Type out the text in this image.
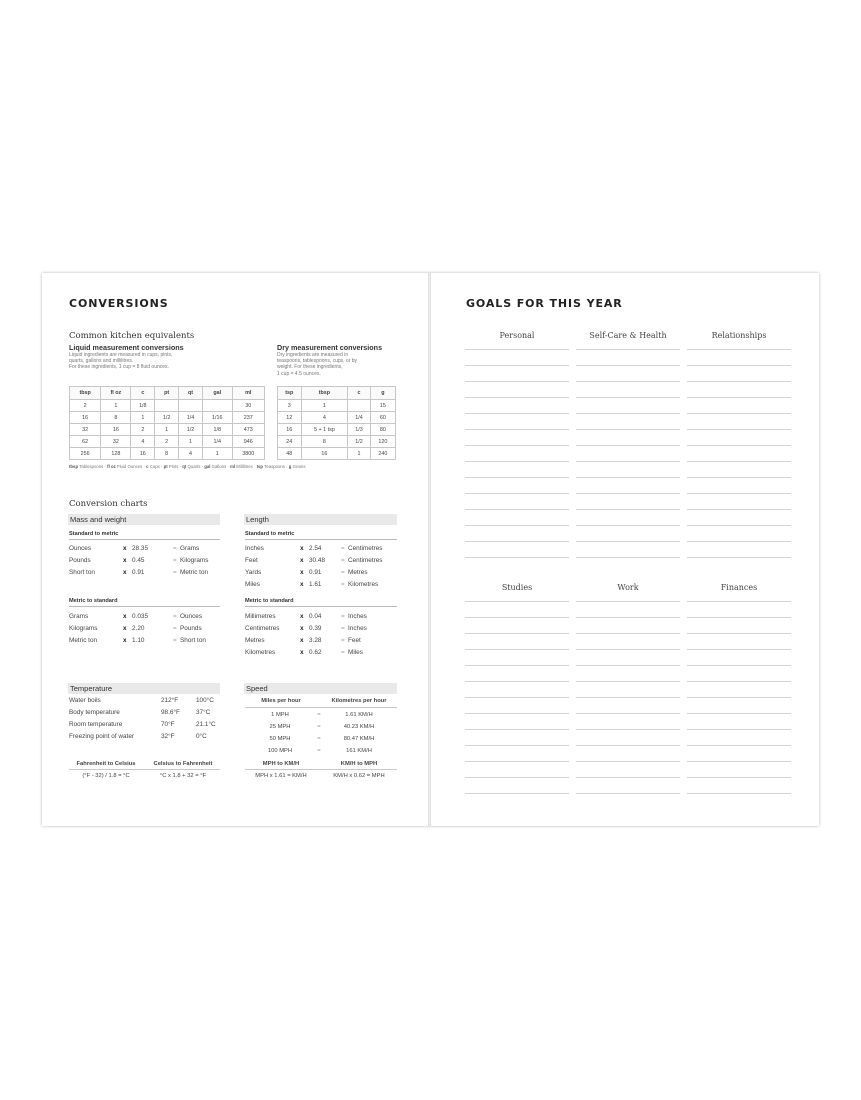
CONVERSIONS
Common kitchen equivalents
Liquid measurement conversions
Liquid ingredients are measured in cups, pints,
quarts, gallons and millilitres.
For these ingredients, 1 cup = 8 fluid ounces.
tbsp	fl oz	c	pt	qt	gal	ml
2	1	1/8				30
16	8	1	1/2	1/4	1/16	237
32	16	2	1	1/2	1/8	473
62	32	4	2	1	1/4	946
256	128	16	8	4	1	3800
Dry measurement conversions
Dry ingredients are measured in
teaspoons, tablespoons, cups, or by
weight. For these ingredients,
1 cup = 4.5 ounces.
tsp	tbsp	c	g
3	1		15
12	4	1/4	60
16	5 + 1 tsp	1/3	80
24	8	1/2	120
48	16	1	240
tbsp Tablespoons · fl oz Fluid Ounces · c Cups · pt Pints · qt Quarts · gal Gallons · ml Millilitres · tsp Teaspoons · g Grams
Conversion charts
Mass and weight
Standard to metric
Ounces	x 28.35	= Grams
Pounds	x 0.45	= Kilograms
Short ton	x 0.91	= Metric ton
Metric to standard
Grams	x 0.035	= Ounces
Kilograms	x 2.20	= Pounds
Metric ton	x 1.10	= Short ton
Length
Standard to metric
Inches	x 2.54	= Centimetres
Feet	x 30.48	= Centimetres
Yards	x 0.91	= Metres
Miles	x 1.61	= Kilometres
Metric to standard
Millimetres	x 0.04	= Inches
Centimetres	x 0.39	= Inches
Metres	x 3.28	= Feet
Kilometres	x 0.62	= Miles
Temperature
Water boils	212°F	100°C
Body temperature	98.6°F	37°C
Room temperature	70°F	21.1°C
Freezing point of water	32°F	0°C
Fahrenheit to Celsius	Celsius to Fahrenheit
(°F - 32) / 1.8 = °C	°C x 1.8 + 32 = °F
Speed
Miles per hour	Kilometres per hour
1 MPH	=	1.61 KM/H
25 MPH	=	40.23 KM/H
50 MPH	=	80.47 KM/H
100 MPH	=	161 KM/H
MPH to KM/H	KM/H to MPH
MPH x 1.61 = KM/H	KM/H x 0.62 = MPH
GOALS FOR THIS YEAR
Personal	Self-Care & Health	Relationships
Studies	Work	Finances
